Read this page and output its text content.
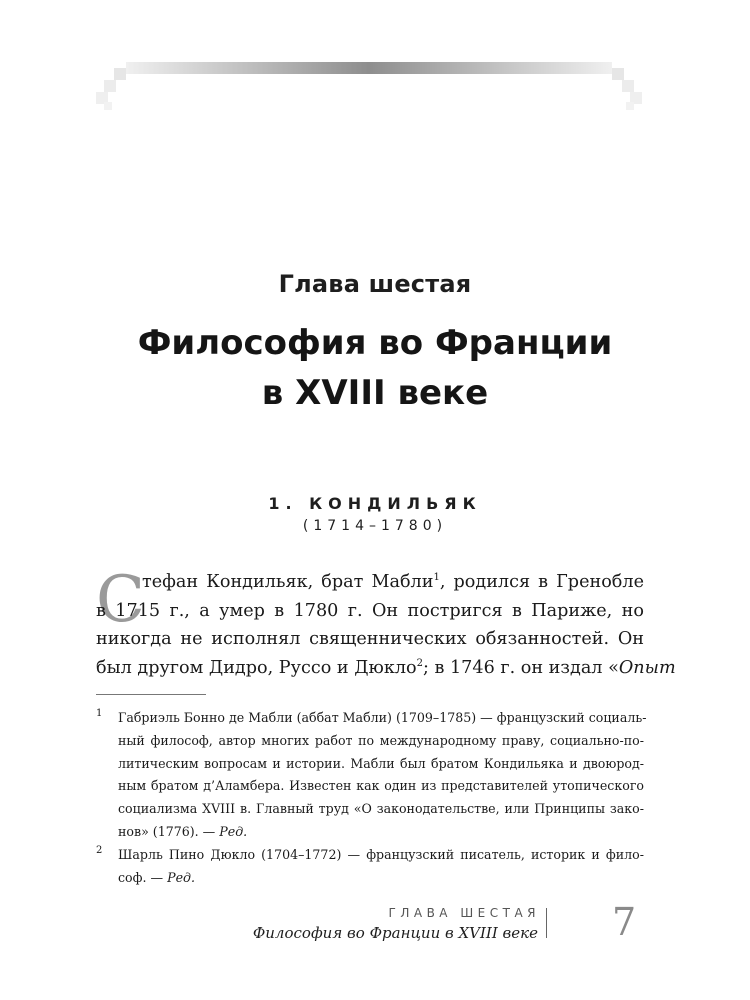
Глава шестая
Философия во Франции
в XVIII веке
1. КОНДИЛЬЯК
(1714–1780)
С
тефан Кондильяк, брат Мабли$^1$, родился в Гренобле
в 1715 г., а умер в 1780 г. Он постригся в Париже, но
никогда не исполнял священнических обязанностей. Он
был другом Дидро, Руссо и Дюкло$^2$; в 1746 г. он издал «Опыт
1 Габриэль Бонно де Мабли (аббат Мабли) (1709–1785) — французский социаль-
ный философ, автор многих работ по международному праву, социально-по-
литическим вопросам и истории. Мабли был братом Кондильяка и двоюрод-
ным братом д’Аламбера. Известен как один из представителей утопического
социализма XVIII в. Главный труд «О законодательстве, или Принципы зако-
нов» (1776). — Ред.
2 Шарль Пино Дюкло (1704–1772) — французский писатель, историк и фило-
соф. — Ред.
ГЛАВА ШЕСТАЯ
Философия во Франции в XVIII веке 7
